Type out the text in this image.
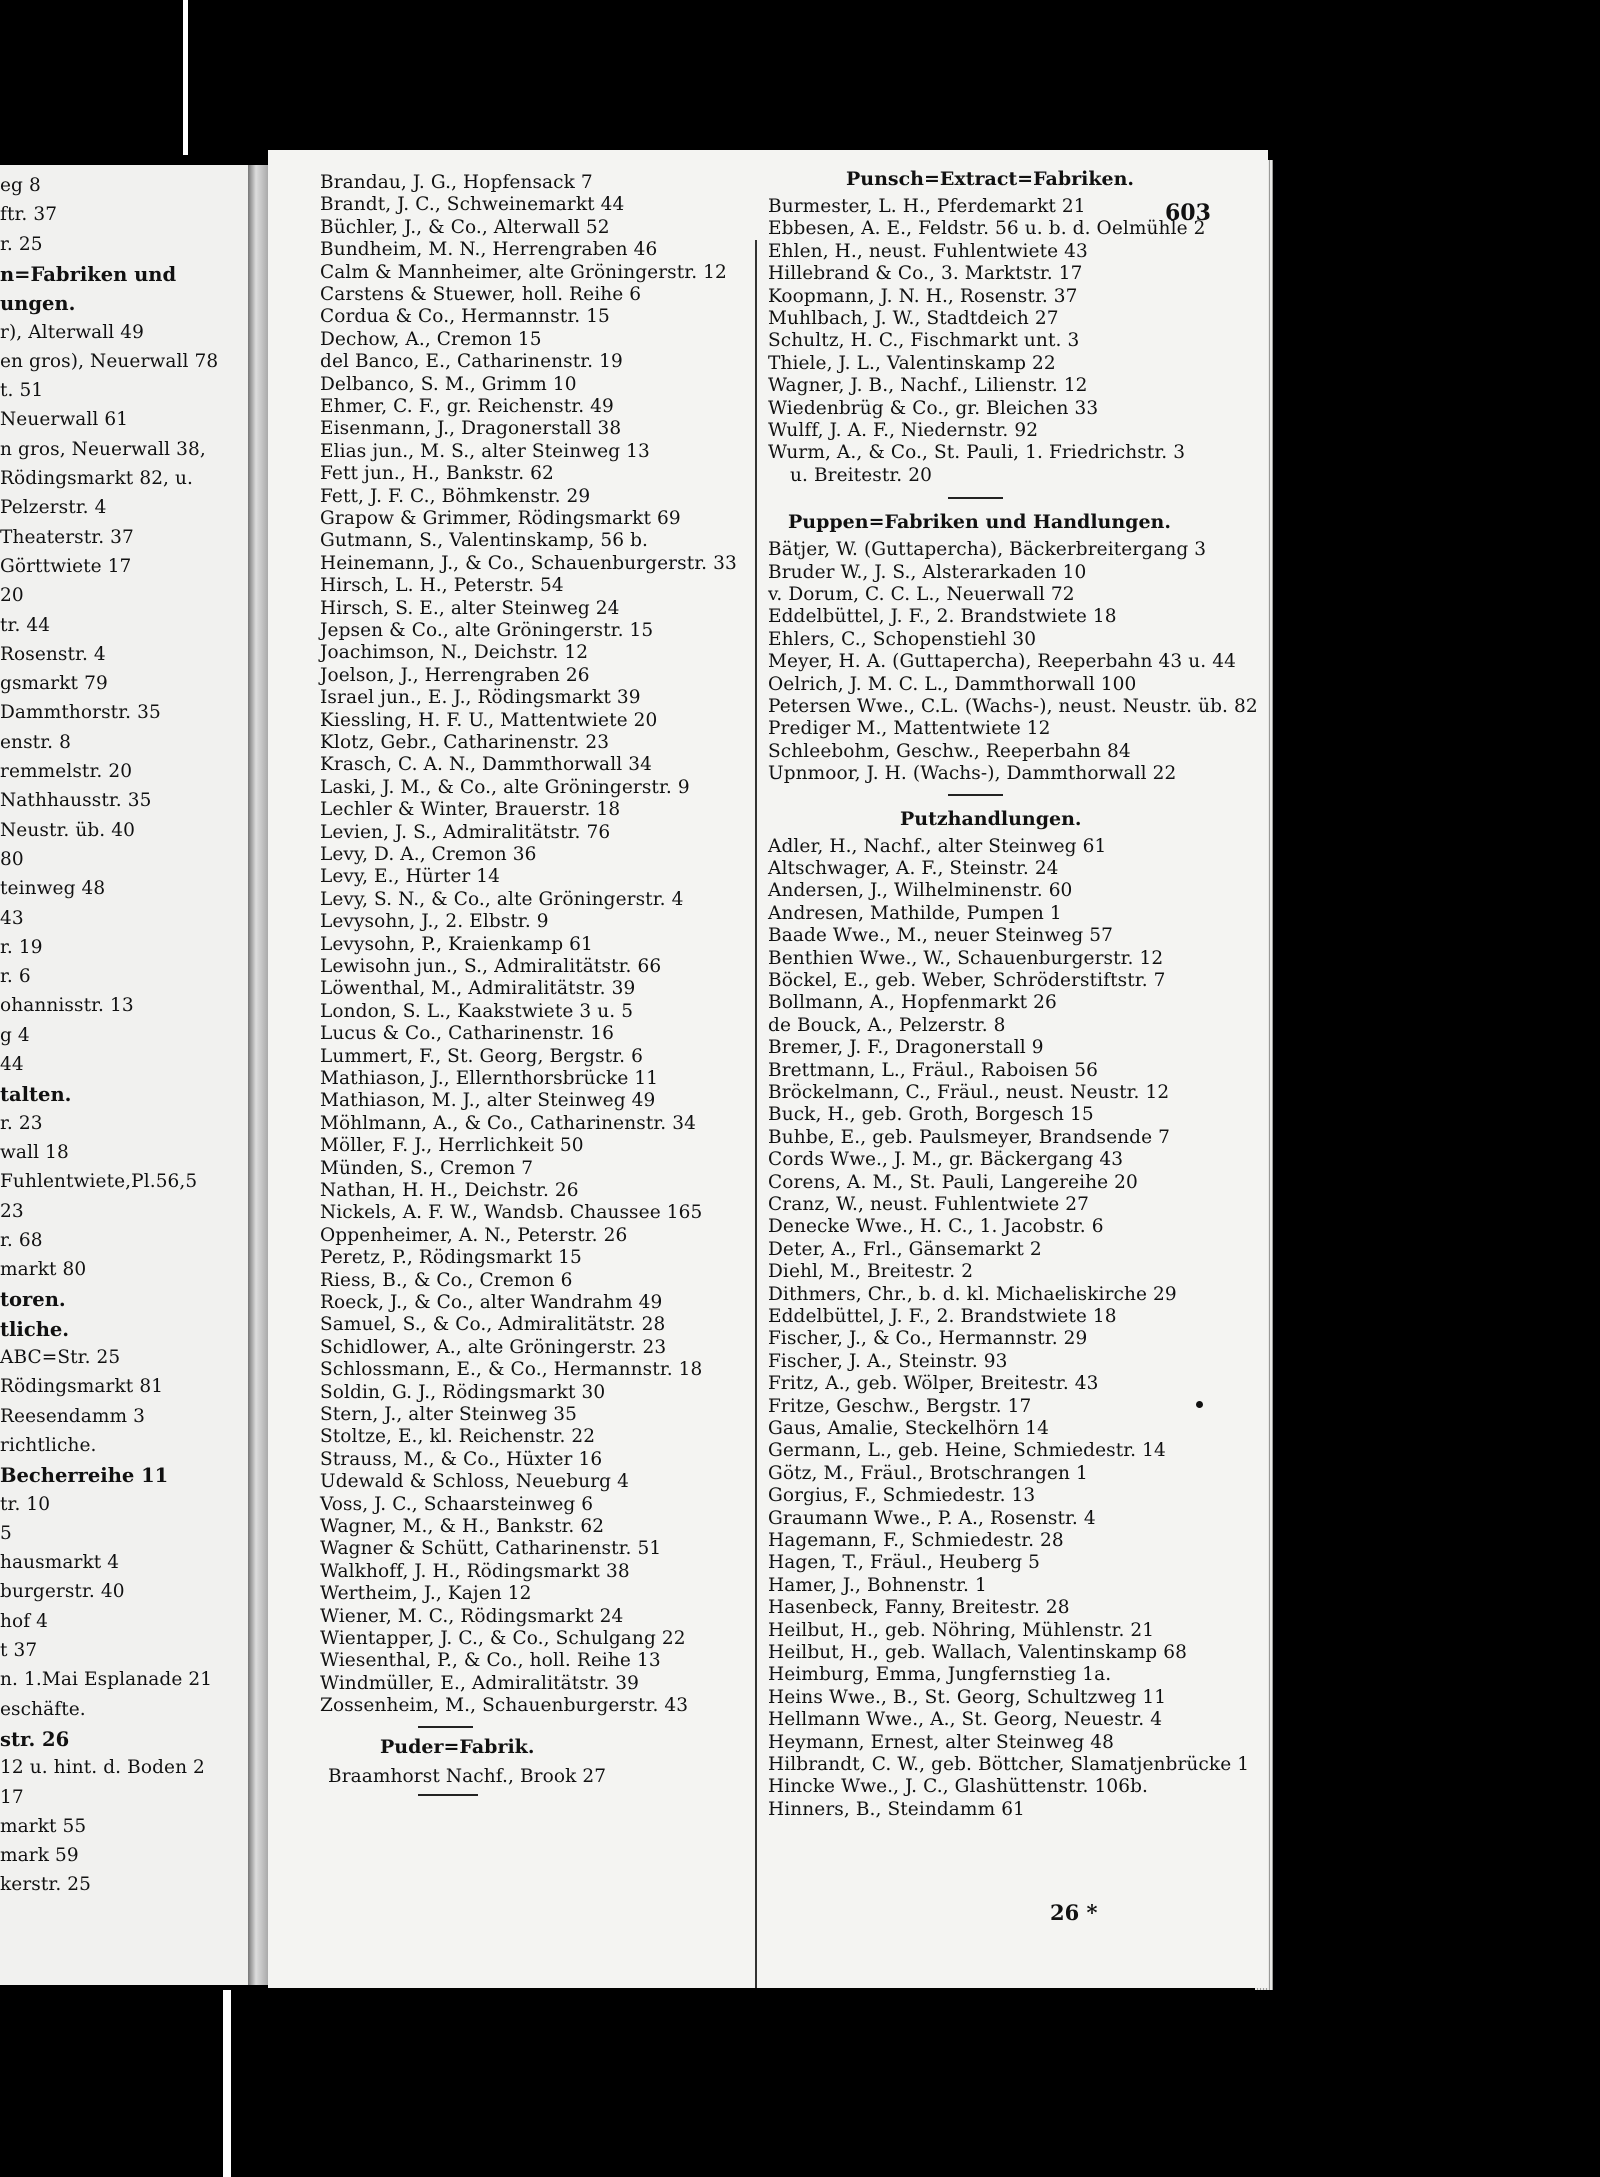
eg 8
ftr. 37
r. 25
n=Fabriken und
ungen.
r), Alterwall 49
en gros), Neuerwall 78
t. 51
Neuerwall 61
n gros, Neuerwall 38,
Rödingsmarkt 82, u.
Pelzerstr. 4
Theaterstr. 37
Görttwiete 17
20
tr. 44
Rosenstr. 4
gsmarkt 79
Dammthorstr. 35
enstr. 8
remmelstr. 20
Nathhausstr. 35
Neustr. üb. 40
80
teinweg 48
43
r. 19
r. 6
ohannisstr. 13
g 4
44
talten.
r. 23
wall 18
Fuhlentwiete,Pl.56,5
23
r. 68
markt 80
toren.
tliche.
ABC=Str. 25
Rödingsmarkt 81
Reesendamm 3
richtliche.
Becherreihe 11
tr. 10
5
hausmarkt 4
burgerstr. 40
hof 4
t 37
n. 1.Mai Esplanade 21
eschäfte.
str. 26
12 u. hint. d. Boden 2
17
markt 55
mark 59
kerstr. 25
603
Brandau, J. G., Hopfensack 7
Brandt, J. C., Schweinemarkt 44
Büchler, J., & Co., Alterwall 52
Bundheim, M. N., Herrengraben 46
Calm & Mannheimer, alte Gröningerstr. 12
Carstens & Stuewer, holl. Reihe 6
Cordua & Co., Hermannstr. 15
Dechow, A., Cremon 15
del Banco, E., Catharinenstr. 19
Delbanco, S. M., Grimm 10
Ehmer, C. F., gr. Reichenstr. 49
Eisenmann, J., Dragonerstall 38
Elias jun., M. S., alter Steinweg 13
Fett jun., H., Bankstr. 62
Fett, J. F. C., Böhmkenstr. 29
Grapow & Grimmer, Rödingsmarkt 69
Gutmann, S., Valentinskamp, 56 b.
Heinemann, J., & Co., Schauenburgerstr. 33
Hirsch, L. H., Peterstr. 54
Hirsch, S. E., alter Steinweg 24
Jepsen & Co., alte Gröningerstr. 15
Joachimson, N., Deichstr. 12
Joelson, J., Herrengraben 26
Israel jun., E. J., Rödingsmarkt 39
Kiessling, H. F. U., Mattentwiete 20
Klotz, Gebr., Catharinenstr. 23
Krasch, C. A. N., Dammthorwall 34
Laski, J. M., & Co., alte Gröningerstr. 9
Lechler & Winter, Brauerstr. 18
Levien, J. S., Admiralitätstr. 76
Levy, D. A., Cremon 36
Levy, E., Hürter 14
Levy, S. N., & Co., alte Gröningerstr. 4
Levysohn, J., 2. Elbstr. 9
Levysohn, P., Kraienkamp 61
Lewisohn jun., S., Admiralitätstr. 66
Löwenthal, M., Admiralitätstr. 39
London, S. L., Kaakstwiete 3 u. 5
Lucus & Co., Catharinenstr. 16
Lummert, F., St. Georg, Bergstr. 6
Mathiason, J., Ellernthorsbrücke 11
Mathiason, M. J., alter Steinweg 49
Möhlmann, A., & Co., Catharinenstr. 34
Möller, F. J., Herrlichkeit 50
Münden, S., Cremon 7
Nathan, H. H., Deichstr. 26
Nickels, A. F. W., Wandsb. Chaussee 165
Oppenheimer, A. N., Peterstr. 26
Peretz, P., Rödingsmarkt 15
Riess, B., & Co., Cremon 6
Roeck, J., & Co., alter Wandrahm 49
Samuel, S., & Co., Admiralitätstr. 28
Schidlower, A., alte Gröningerstr. 23
Schlossmann, E., & Co., Hermannstr. 18
Soldin, G. J., Rödingsmarkt 30
Stern, J., alter Steinweg 35
Stoltze, E., kl. Reichenstr. 22
Strauss, M., & Co., Hüxter 16
Udewald & Schloss, Neueburg 4
Voss, J. C., Schaarsteinweg 6
Wagner, M., & H., Bankstr. 62
Wagner & Schütt, Catharinenstr. 51
Walkhoff, J. H., Rödingsmarkt 38
Wertheim, J., Kajen 12
Wiener, M. C., Rödingsmarkt 24
Wientapper, J. C., & Co., Schulgang 22
Wiesenthal, P., & Co., holl. Reihe 13
Windmüller, E., Admiralitätstr. 39
Zossenheim, M., Schauenburgerstr. 43
Puder=Fabrik.
Braamhorst Nachf., Brook 27
Punsch=Extract=Fabriken.
Burmester, L. H., Pferdemarkt 21
Ebbesen, A. E., Feldstr. 56 u. b. d. Oelmühle 2
Ehlen, H., neust. Fuhlentwiete 43
Hillebrand & Co., 3. Marktstr. 17
Koopmann, J. N. H., Rosenstr. 37
Muhlbach, J. W., Stadtdeich 27
Schultz, H. C., Fischmarkt unt. 3
Thiele, J. L., Valentinskamp 22
Wagner, J. B., Nachf., Lilienstr. 12
Wiedenbrüg & Co., gr. Bleichen 33
Wulff, J. A. F., Niedernstr. 92
Wurm, A., & Co., St. Pauli, 1. Friedrichstr. 3
u. Breitestr. 20
Puppen=Fabriken und Handlungen.
Bätjer, W. (Guttapercha), Bäckerbreitergang 3
Bruder W., J. S., Alsterarkaden 10
v. Dorum, C. C. L., Neuerwall 72
Eddelbüttel, J. F., 2. Brandstwiete 18
Ehlers, C., Schopenstiehl 30
Meyer, H. A. (Guttapercha), Reeperbahn 43 u. 44
Oelrich, J. M. C. L., Dammthorwall 100
Petersen Wwe., C.L. (Wachs-), neust. Neustr. üb. 82
Prediger M., Mattentwiete 12
Schleebohm, Geschw., Reeperbahn 84
Upnmoor, J. H. (Wachs-), Dammthorwall 22
Putzhandlungen.
Adler, H., Nachf., alter Steinweg 61
Altschwager, A. F., Steinstr. 24
Andersen, J., Wilhelminenstr. 60
Andresen, Mathilde, Pumpen 1
Baade Wwe., M., neuer Steinweg 57
Benthien Wwe., W., Schauenburgerstr. 12
Böckel, E., geb. Weber, Schröderstiftstr. 7
Bollmann, A., Hopfenmarkt 26
de Bouck, A., Pelzerstr. 8
Bremer, J. F., Dragonerstall 9
Brettmann, L., Fräul., Raboisen 56
Bröckelmann, C., Fräul., neust. Neustr. 12
Buck, H., geb. Groth, Borgesch 15
Buhbe, E., geb. Paulsmeyer, Brandsende 7
Cords Wwe., J. M., gr. Bäckergang 43
Corens, A. M., St. Pauli, Langereihe 20
Cranz, W., neust. Fuhlentwiete 27
Denecke Wwe., H. C., 1. Jacobstr. 6
Deter, A., Frl., Gänsemarkt 2
Diehl, M., Breitestr. 2
Dithmers, Chr., b. d. kl. Michaeliskirche 29
Eddelbüttel, J. F., 2. Brandstwiete 18
Fischer, J., & Co., Hermannstr. 29
Fischer, J. A., Steinstr. 93
Fritz, A., geb. Wölper, Breitestr. 43
Fritze, Geschw., Bergstr. 17
Gaus, Amalie, Steckelhörn 14
Germann, L., geb. Heine, Schmiedestr. 14
Götz, M., Fräul., Brotschrangen 1
Gorgius, F., Schmiedestr. 13
Graumann Wwe., P. A., Rosenstr. 4
Hagemann, F., Schmiedestr. 28
Hagen, T., Fräul., Heuberg 5
Hamer, J., Bohnenstr. 1
Hasenbeck, Fanny, Breitestr. 28
Heilbut, H., geb. Nöhring, Mühlenstr. 21
Heilbut, H., geb. Wallach, Valentinskamp 68
Heimburg, Emma, Jungfernstieg 1a.
Heins Wwe., B., St. Georg, Schultzweg 11
Hellmann Wwe., A., St. Georg, Neuestr. 4
Heymann, Ernest, alter Steinweg 48
Hilbrandt, C. W., geb. Böttcher, Slamatjenbrücke 1
Hincke Wwe., J. C., Glashüttenstr. 106b.
Hinners, B., Steindamm 61
26 *
